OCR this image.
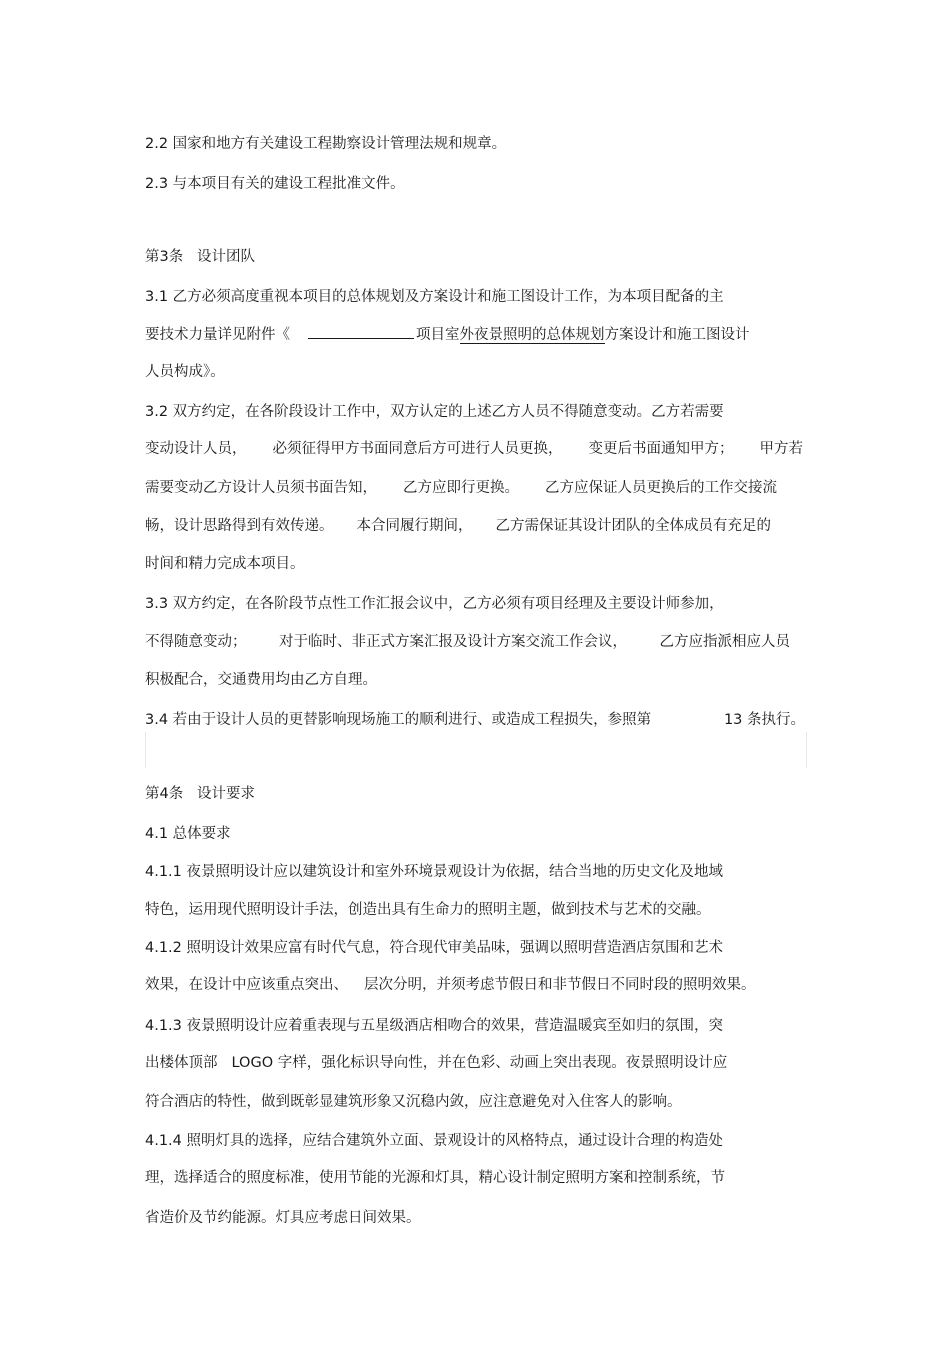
2.2 国家和地方有关建设工程勘察设计管理法规和规章。
2.3 与本项目有关的建设工程批准文件。
第3条   设计团队
3.1 乙方必须高度重视本项目的总体规划及方案设计和施工图设计工作，为本项目配备的主
要技术力量详见附件《	项目室外夜景照明的总体规划方案设计和施工图设计
人员构成》。
3.2 双方约定，在各阶段设计工作中，双方认定的上述乙方人员不得随意变动。乙方若需要
变动设计人员， 必须征得甲方书面同意后方可进行人员更换， 变更后书面通知甲方； 甲方若
需要变动乙方设计人员须书面告知， 乙方应即行更换。 乙方应保证人员更换后的工作交接流
畅，设计思路得到有效传递。 本合同履行期间， 乙方需保证其设计团队的全体成员有充足的
时间和精力完成本项目。
3.3 双方约定，在各阶段节点性工作汇报会议中，乙方必须有项目经理及主要设计师参加，
不得随意变动； 对于临时、非正式方案汇报及设计方案交流工作会议， 乙方应指派相应人员
积极配合，交通费用均由乙方自理。
3.4 若由于设计人员的更替影响现场施工的顺利进行、或造成工程损失，参照第	13 条执行。
第4条   设计要求
4.1 总体要求
4.1.1 夜景照明设计应以建筑设计和室外环境景观设计为依据，结合当地的历史文化及地域
特色，运用现代照明设计手法，创造出具有生命力的照明主题，做到技术与艺术的交融。
4.1.2 照明设计效果应富有时代气息，符合现代审美品味，强调以照明营造酒店氛围和艺术
效果，在设计中应该重点突出、 层次分明，并须考虑节假日和非节假日不同时段的照明效果。
4.1.3 夜景照明设计应着重表现与五星级酒店相吻合的效果，营造温暖宾至如归的氛围，突
出楼体顶部 LOGO 字样，强化标识导向性，并在色彩、动画上突出表现。夜景照明设计应
符合酒店的特性，做到既彰显建筑形象又沉稳内敛，应注意避免对入住客人的影响。
4.1.4 照明灯具的选择，应结合建筑外立面、景观设计的风格特点，通过设计合理的构造处
理，选择适合的照度标准，使用节能的光源和灯具，精心设计制定照明方案和控制系统，节
省造价及节约能源。灯具应考虑日间效果。
